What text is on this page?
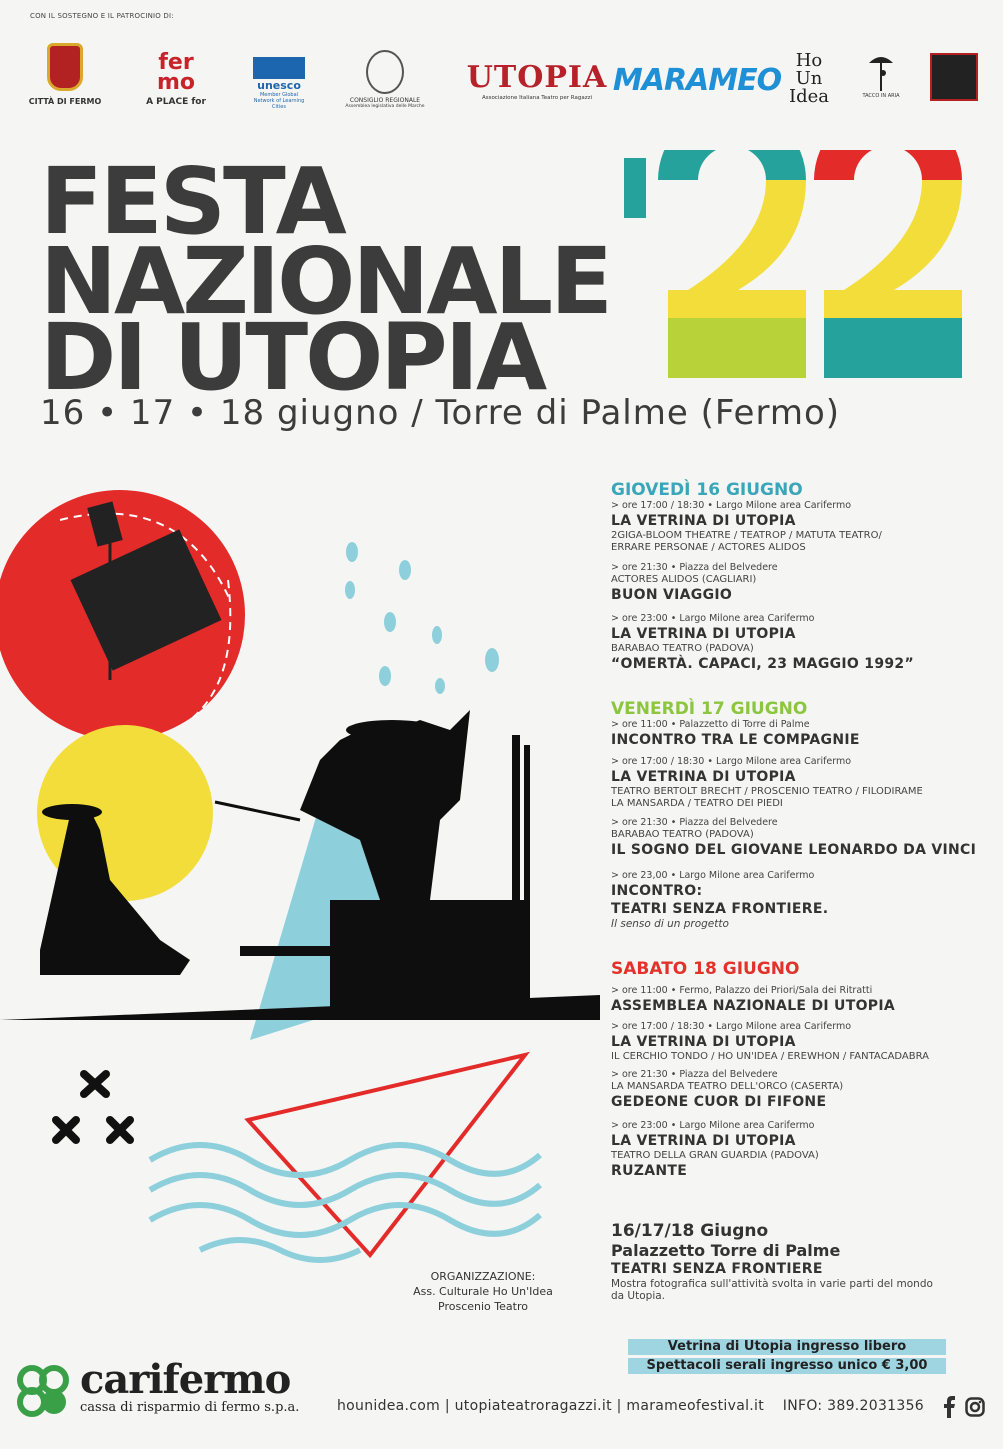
CON IL SOSTEGNO E IL PATROCINIO DI:
CITTÀ DI FERMO
fer mo
A PLACE for
unesco
Member Global Network of Learning Cities
CONSIGLIO REGIONALE
Assemblea legislativa delle Marche
UTOPIA
Associazione Italiana Teatro per Ragazzi MARAMEO
Ho Un Idea	TACCO IN ARIA
FESTA
NAZIONALE
DI UTOPIA
16 • 17 • 18 giugno / Torre di Palme (Fermo)
GIOVEDÌ 16 GIUGNO
> ore 17:00 / 18:30 • Largo Milone area Carifermo
LA VETRINA DI UTOPIA
2GIGA-BLOOM THEATRE / TEATROP / MATUTA TEATRO/
ERRARE PERSONAE / ACTORES ALIDOS
> ore 21:30 • Piazza del Belvedere
ACTORES ALIDOS (CAGLIARI)
BUON VIAGGIO
> ore 23:00 • Largo Milone area Carifermo
LA VETRINA DI UTOPIA
BARABAO TEATRO (PADOVA)
“OMERTÀ. CAPACI, 23 MAGGIO 1992”
VENERDÌ 17 GIUGNO
> ore 11:00 • Palazzetto di Torre di Palme
INCONTRO TRA LE COMPAGNIE
> ore 17:00 / 18:30 • Largo Milone area Carifermo
LA VETRINA DI UTOPIA
TEATRO BERTOLT BRECHT / PROSCENIO TEATRO / FILODIRAME
LA MANSARDA / TEATRO DEI PIEDI
> ore 21:30 • Piazza del Belvedere
BARABAO TEATRO (PADOVA)
IL SOGNO DEL GIOVANE LEONARDO DA VINCI
> ore 23,00 • Largo Milone area Carifermo
INCONTRO:
TEATRI SENZA FRONTIERE.
Il senso di un progetto
SABATO 18 GIUGNO
> ore 11:00 • Fermo, Palazzo dei Priori/Sala dei Ritratti
ASSEMBLEA NAZIONALE DI UTOPIA
> ore 17:00 / 18:30 • Largo Milone area Carifermo
LA VETRINA DI UTOPIA
IL CERCHIO TONDO / HO UN'IDEA / EREWHON / FANTACADABRA
> ore 21:30 • Piazza del Belvedere
LA MANSARDA TEATRO DELL'ORCO (CASERTA)
GEDEONE CUOR DI FIFONE
> ore 23:00 • Largo Milone area Carifermo
LA VETRINA DI UTOPIA
TEATRO DELLA GRAN GUARDIA (PADOVA)
RUZANTE
16/17/18 Giugno
Palazzetto Torre di Palme
TEATRI SENZA FRONTIERE
Mostra fotografica sull'attività svolta in varie parti del mondo
da Utopia.
Vetrina di Utopia ingresso libero
Spettacoli serali ingresso unico € 3,00
ORGANIZZAZIONE:
Ass. Culturale Ho Un'Idea
Proscenio Teatro
carifermo
cassa di risparmio di fermo s.p.a.	hounidea.com | utopiateatroragazzi.it | marameofestival.it INFO: 389.2031356
